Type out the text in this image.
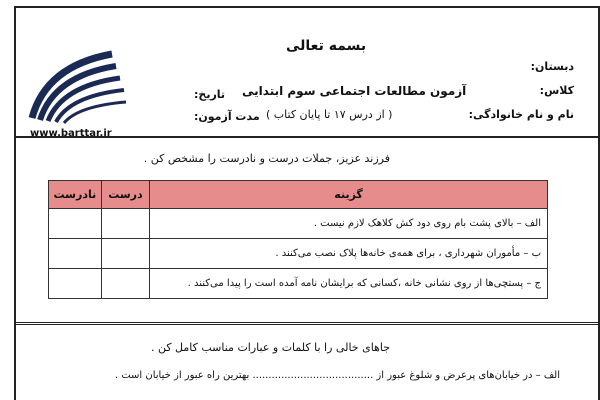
بسمه تعالی
آزمون مطالعات اجتماعی سوم ابتدایی
( از درس ۱۷ تا پایان کتاب )
دبستان:
کلاس:
نام و نام خانوادگی:
تاریخ:
مدت آزمون:
www.barttar.ir
فرزند عزیز، جملات درست و نادرست را مشخص کن .
گزینه	درست	نادرست
الف – بالای پشت بام روی دود کش کلاهک لازم نیست .		
ب – مأموران شهرداری ، برای همه‌ی خانه‌ها پلاک نصب می‌کنند .		
ج – پستچی‌ها از روی نشانی خانه ،کسانی که برایشان نامه آمده است را پیدا می‌کنند .		
جاهای خالی را با کلمات و عبارات مناسب کامل کن .
الف – در خیابان‌های پرعرض و شلوغ عبور از ...................................... بهترین راه عبور از خیابان است .
